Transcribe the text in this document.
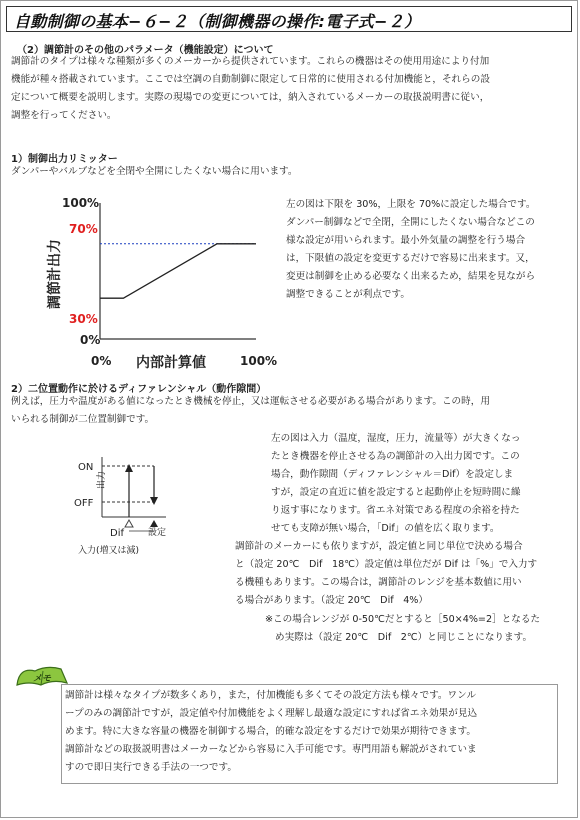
自動制御の基本−６−２（制御機器の操作:電子式−２）
（2）調節計のその他のパラメータ（機能設定）について
調節計のタイプは様々な種類が多くのメーカーから提供されています。これらの機器はその使用用途により付加
機能が種々搭載されています。ここでは空調の自動制御に限定して日常的に使用される付加機能と，それらの設
定について概要を説明します。実際の現場での変更については，納入されているメーカーの取扱説明書に従い，
調整を行ってください。
1）制御出力リミッター
ダンパーやバルブなどを全閉や全開にしたくない場合に用います。
100%
70%
30%
0%
0%	100%
内部計算値
調節計出力
左の図は下限を 30%，上限を 70%に設定した場合です。
ダンパー制御などで全閉，全開にしたくない場合などこの
様な設定が用いられます。最小外気量の調整を行う場合
は，下限値の設定を変更するだけで容易に出来ます。又，
変更は制御を止める必要なく出来るため，結果を見ながら
調整できることが利点です。
2）二位置動作に於けるディファレンシャル（動作隙間）
例えば，圧力や温度がある値になったとき機械を停止，又は運転させる必要がある場合があります。この時，用
いられる制御が二位置制御です。
出力
ON
OFF
Dif	設定
入力(増又は減)
左の図は入力（温度，湿度，圧力，流量等）が大きくなっ
たとき機器を停止させる為の調節計の入出力図です。この
場合，動作隙間（ディファレンシャル＝Dif）を設定しま
すが，設定の直近に値を設定すると起動停止を短時間に繰
り返す事になります。省エネ対策である程度の余裕を持た
せても支障が無い場合，「Dif」の値を広く取ります。
調節計のメーカーにも依りますが，設定値と同じ単位で決める場合
と（設定 20℃　Dif　18℃）設定値は単位だが Dif は「%」で入力す
る機種もあります。この場合は，調節計のレンジを基本数値に用い
る場合があります。（設定 20℃　Dif　4%）
※この場合レンジが 0-50℃だとすると［50×4%=2］となるた
め実際は（設定 20℃　Dif　2℃）と同じことになります。
メモ
調節計は様々なタイプが数多くあり，また，付加機能も多くてその設定方法も様々です。ワンル
ープのみの調節計ですが，設定値や付加機能をよく理解し最適な設定にすれば省エネ効果が見込
めます。特に大きな容量の機器を制御する場合，的確な設定をするだけで効果が期待できます。
調節計などの取扱説明書はメーカーなどから容易に入手可能です。専門用語も解説がされていま
すので即日実行できる手法の一つです。
